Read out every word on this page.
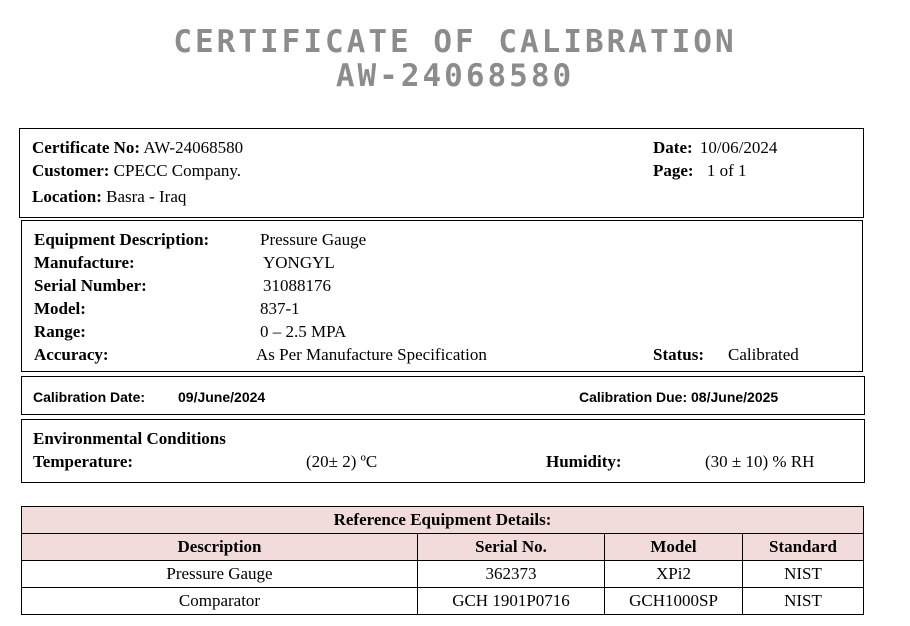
CERTIFICATE OF CALIBRATION
AW-24068580
Certificate No: AW-24068580
Customer: CPECC Company.
Location: Basra - Iraq
Date: 10/06/2024
Page: 1 of 1
Equipment Description:	Pressure Gauge
Manufacture:	YONGYL
Serial Number:	31088176
Model:	837-1
Range:	0 – 2.5 MPA
Accuracy:	As Per Manufacture Specification	Status: Calibrated
Calibration Date: 09/June/2024	Calibration Due: 08/June/2025
Environmental Conditions
Temperature:	(20± 2) ºC	Humidity:	(30 ± 10) % RH
Reference Equipment Details:			
Description	Serial No.	Model	Standard
Pressure Gauge	362373	XPi2	NIST
Comparator	GCH 1901P0716	GCH1000SP	NIST
